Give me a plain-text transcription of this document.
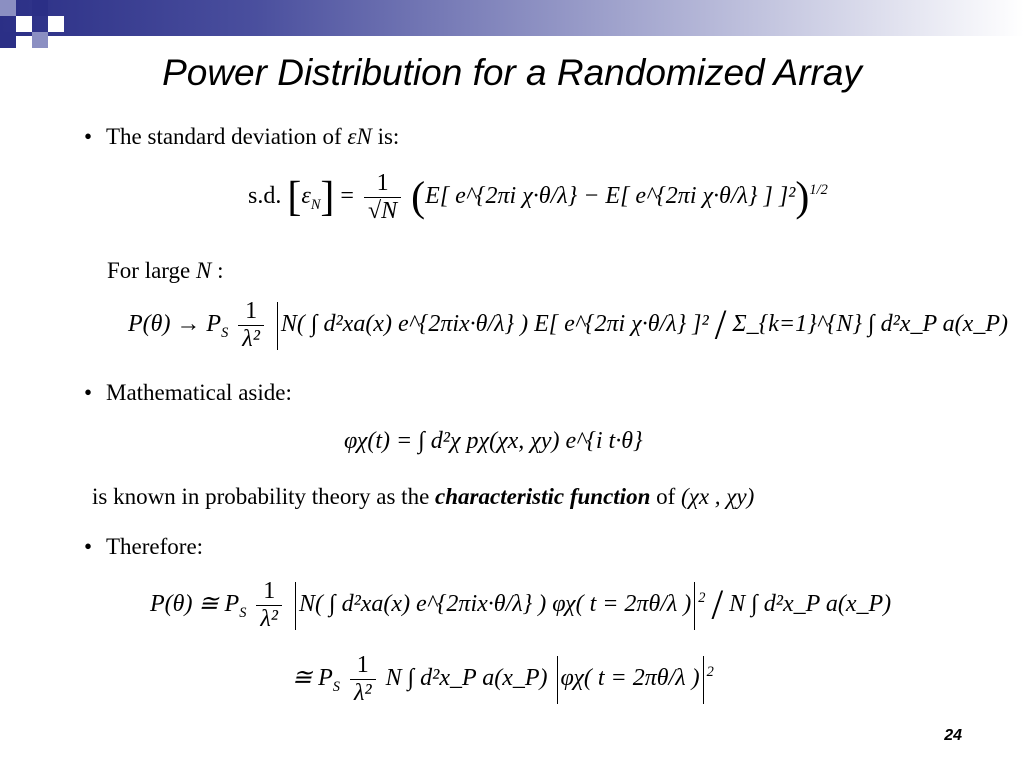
Power Distribution for a Randomized Array
• The standard deviation of εN is:
s.d. $[\varepsilon_N] = \frac{1}{√N} (E$[ e^{2πi χ·θ/λ} − E[ e^{2πi χ·θ/λ} ] ]²)$^{1/2}$
For large N :
$P(\theta) \to P_S \frac{1}{\text{λ²}} N$( ∫ d²xa(x) e^{2πix·θ/λ} ) E[ e^{2πi χ·θ/λ} ]² / Σ_{k=1}^{N} ∫ d²x_P a(x_P)
• Mathematical aside:
φχ(t) = ∫ d²χ pχ(χx, χy) e^{i t·θ}
is known in probability theory as the characteristic function of (χx , χy)
• Therefore:
P(θ) ≅ $P_S \frac{1}{\text{λ²}} N$( ∫ d²xa(x) e^{2πix·θ/λ} ) φχ( t = 2πθ/λ ) $^2$ / N ∫ d²x_P a(x_P)
≅ $P_S \frac{1}{\text{λ²}}$ N ∫ d²x_P a(x_P) φχ( t = 2πθ/λ ) $^2$
24
